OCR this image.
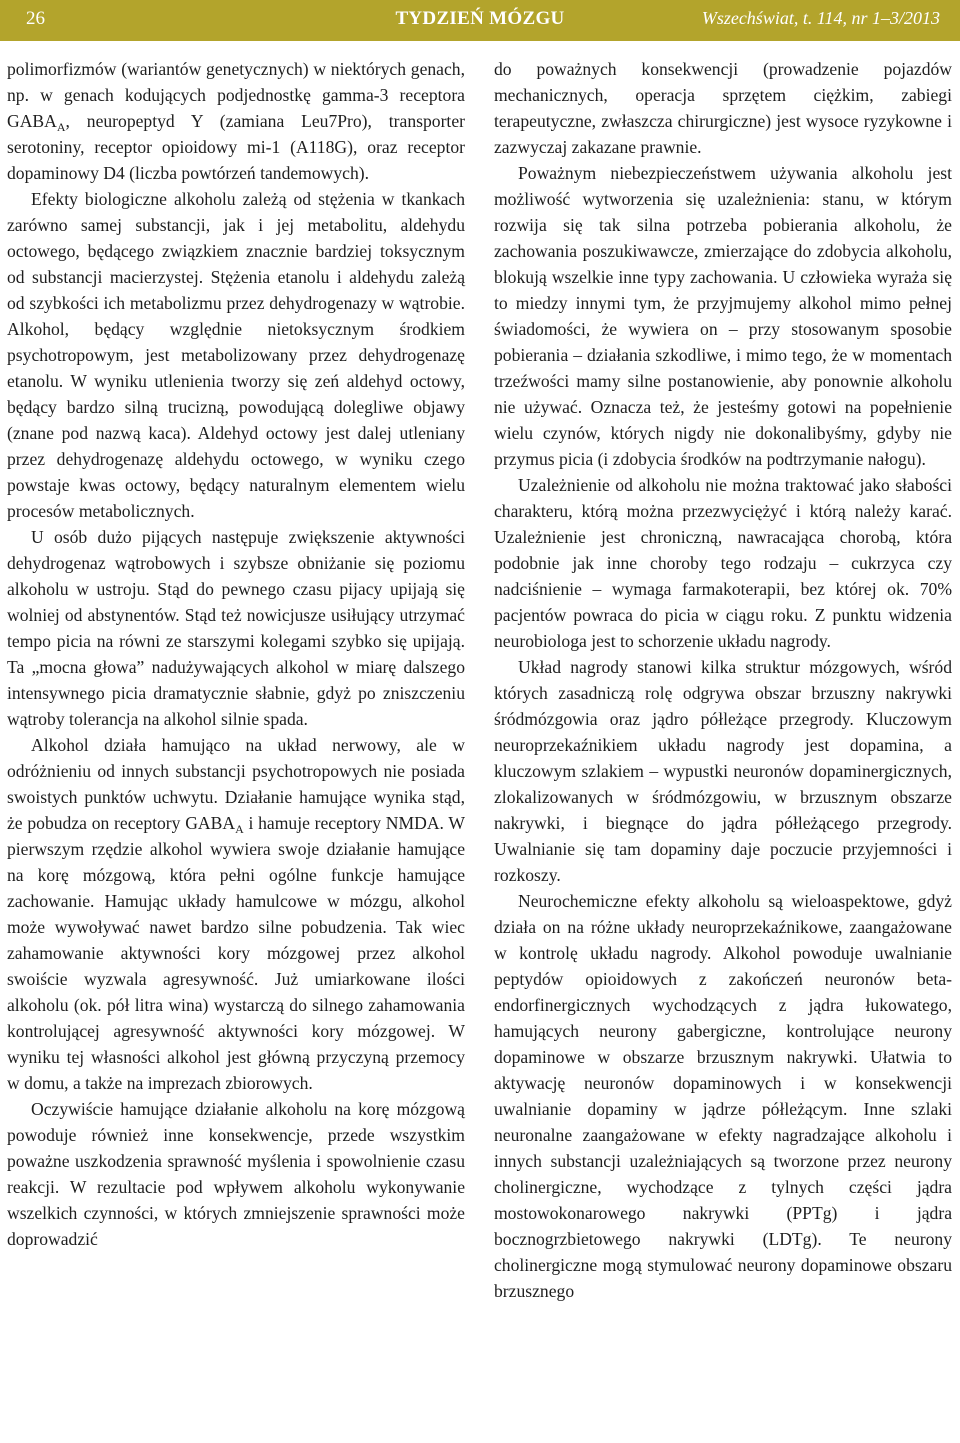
26	TYDZIEŃ MÓZGU	Wszechświat, t. 114, nr 1–3/2013

polimorfizmów (wariantów genetycznych) w niektórych genach, np. w genach kodujących podjednostkę gamma-3 receptora $GABA_A$, neuropeptyd Y (zamiana Leu7Pro), transporter serotoniny, receptor opioidowy mi-1 (A118G), oraz receptor dopaminowy D4 (liczba powtórzeń tandemowych).

Efekty biologiczne alkoholu zależą od stężenia w tkankach zarówno samej substancji, jak i jej metabolitu, aldehydu octowego, będącego związkiem znacznie bardziej toksycznym od substancji macierzystej. Stężenia etanolu i aldehydu zależą od szybkości ich metabolizmu przez dehydrogenazy w wątrobie. Alkohol, będący względnie nietoksycznym środkiem psychotropowym, jest metabolizowany przez dehydrogenazę etanolu. W wyniku utlenienia tworzy się zeń aldehyd octowy, będący bardzo silną trucizną, powodującą dolegliwe objawy (znane pod nazwą kaca). Aldehyd octowy jest dalej utleniany przez dehydrogenazę aldehydu octowego, w wyniku czego powstaje kwas octowy, będący naturalnym elementem wielu procesów metabolicznych.

U osób dużo pijących następuje zwiększenie aktywności dehydrogenaz wątrobowych i szybsze obniżanie się poziomu alkoholu w ustroju. Stąd do pewnego czasu pijacy upijają się wolniej od abstynentów. Stąd też nowicjusze usiłujący utrzymać tempo picia na równi ze starszymi kolegami szybko się upijają. Ta „mocna głowa” nadużywających alkohol w miarę dalszego intensywnego picia dramatycznie słabnie, gdyż po zniszczeniu wątroby tolerancja na alkohol silnie spada.

Alkohol działa hamująco na układ nerwowy, ale w odróżnieniu od innych substancji psychotropowych nie posiada swoistych punktów uchwytu. Działanie hamujące wynika stąd, że pobudza on receptory $GABA_A$ i hamuje receptory NMDA. W pierwszym rzędzie alkohol wywiera swoje działanie hamujące na korę mózgową, która pełni ogólne funkcje hamujące zachowanie. Hamując układy hamulcowe w mózgu, alkohol może wywoływać nawet bardzo silne pobudzenia. Tak wiec zahamowanie aktywności kory mózgowej przez alkohol swoiście wyzwala agresywność. Już umiarkowane ilości alkoholu (ok. pół litra wina) wystarczą do silnego zahamowania kontrolującej agresywność aktywności kory mózgowej. W wyniku tej własności alkohol jest główną przyczyną przemocy w domu, a także na imprezach zbiorowych.

Oczywiście hamujące działanie alkoholu na korę mózgową powoduje również inne konsekwencje, przede wszystkim poważne uszkodzenia sprawność myślenia i spowolnienie czasu reakcji. W rezultacie pod wpływem alkoholu wykonywanie wszelkich czynności, w których zmniejszenie sprawności może doprowadzić

do poważnych konsekwencji (prowadzenie pojazdów mechanicznych, operacja sprzętem ciężkim, zabiegi terapeutyczne, zwłaszcza chirurgiczne) jest wysoce ryzykowne i zazwyczaj zakazane prawnie.

Poważnym niebezpieczeństwem używania alkoholu jest możliwość wytworzenia się uzależnienia: stanu, w którym rozwija się tak silna potrzeba pobierania alkoholu, że zachowania poszukiwawcze, zmierzające do zdobycia alkoholu, blokują wszelkie inne typy zachowania. U człowieka wyraża się to miedzy innymi tym, że przyjmujemy alkohol mimo pełnej świadomości, że wywiera on – przy stosowanym sposobie pobierania – działania szkodliwe, i mimo tego, że w momentach trzeźwości mamy silne postanowienie, aby ponownie alkoholu nie używać. Oznacza też, że jesteśmy gotowi na popełnienie wielu czynów, których nigdy nie dokonalibyśmy, gdyby nie przymus picia (i zdobycia środków na podtrzymanie nałogu).

Uzależnienie od alkoholu nie można traktować jako słabości charakteru, którą można przezwyciężyć i którą należy karać. Uzależnienie jest chroniczną, nawracająca chorobą, która podobnie jak inne choroby tego rodzaju – cukrzyca czy nadciśnienie – wymaga farmakoterapii, bez której ok. 70% pacjentów powraca do picia w ciągu roku. Z punktu widzenia neurobiologa jest to schorzenie układu nagrody.

Układ nagrody stanowi kilka struktur mózgowych, wśród których zasadniczą rolę odgrywa obszar brzuszny nakrywki śródmózgowia oraz jądro półleżące przegrody. Kluczowym neuroprzekaźnikiem układu nagrody jest dopamina, a kluczowym szlakiem – wypustki neuronów dopaminergicznych, zlokalizowanych w śródmózgowiu, w brzusznym obszarze nakrywki, i biegnące do jądra półleżącego przegrody. Uwalnianie się tam dopaminy daje poczucie przyjemności i rozkoszy.

Neurochemiczne efekty alkoholu są wieloaspektowe, gdyż działa on na różne układy neuroprzekaźnikowe, zaangażowane w kontrolę układu nagrody. Alkohol powoduje uwalnianie peptydów opioidowych z zakończeń neuronów beta-endorfinergicznych wychodzących z jądra łukowatego, hamujących neurony gabergiczne, kontrolujące neurony dopaminowe w obszarze brzusznym nakrywki. Ułatwia to aktywację neuronów dopaminowych i w konsekwencji uwalnianie dopaminy w jądrze półleżącym. Inne szlaki neuronalne zaangażowane w efekty nagradzające alkoholu i innych substancji uzależniających są tworzone przez neurony cholinergiczne, wychodzące z tylnych części jądra mostowokonarowego nakrywki (PPTg) i jądra bocznogrzbietowego nakrywki (LDTg). Te neurony cholinergiczne mogą stymulować neurony dopaminowe obszaru brzusznego
